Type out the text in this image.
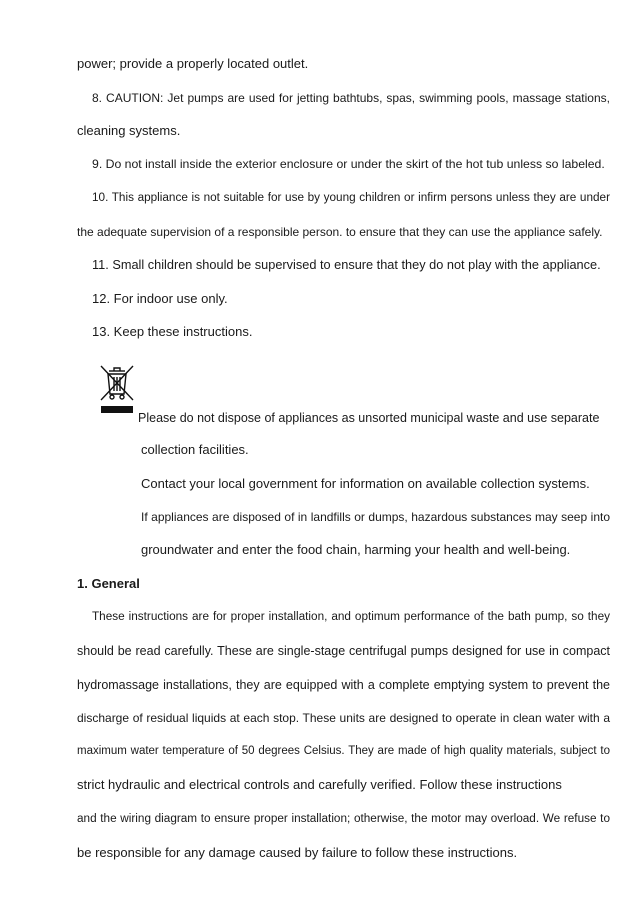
power; provide a properly located outlet.
8. CAUTION: Jet pumps are used for jetting bathtubs, spas, swimming pools, massage stations,
cleaning systems.
9. Do not install inside the exterior enclosure or under the skirt of the hot tub unless so labeled.
10. This appliance is not suitable for use by young children or infirm persons unless they are under
the adequate supervision of a responsible person. to ensure that they can use the appliance safely.
11. Small children should be supervised to ensure that they do not play with the appliance.
12. For indoor use only.
13. Keep these instructions.
Please do not dispose of appliances as unsorted municipal waste and use separate
collection facilities.
Contact your local government for information on available collection systems.
If appliances are disposed of in landfills or dumps, hazardous substances may seep into
groundwater and enter the food chain, harming your health and well-being.
1. General
These instructions are for proper installation, and optimum performance of the bath pump, so they
should be read carefully. These are single-stage centrifugal pumps designed for use in compact
hydromassage installations, they are equipped with a complete emptying system to prevent the
discharge of residual liquids at each stop. These units are designed to operate in clean water with a
maximum water temperature of 50 degrees Celsius. They are made of high quality materials, subject to
strict hydraulic and electrical controls and carefully verified. Follow these instructions
and the wiring diagram to ensure proper installation; otherwise, the motor may overload. We refuse to
be responsible for any damage caused by failure to follow these instructions.
